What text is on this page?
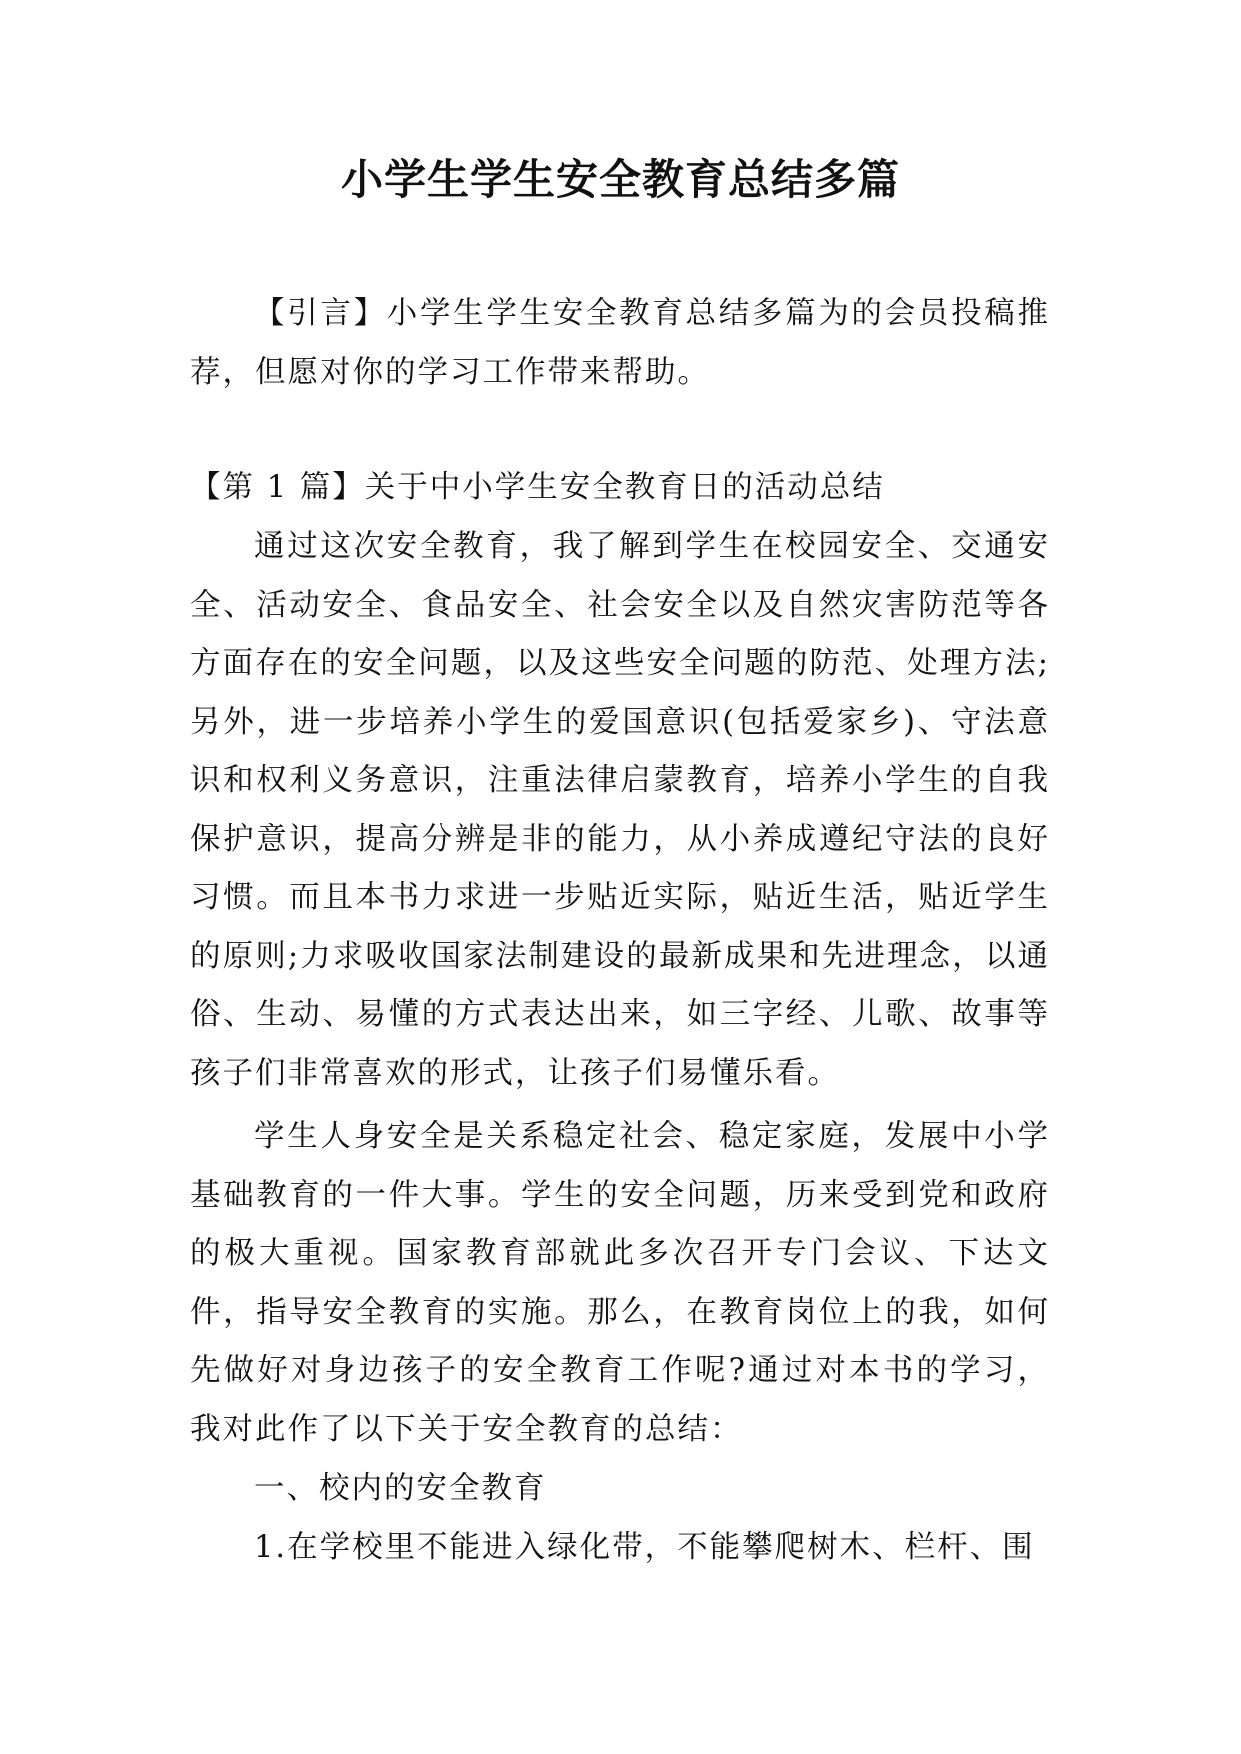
小学生学生安全教育总结多篇

【引言】小学生学生安全教育总结多篇为的会员投稿推荐，但愿对你的学习工作带来帮助。

【第 1 篇】关于中小学生安全教育日的活动总结

通过这次安全教育，我了解到学生在校园安全、交通安全、活动安全、食品安全、社会安全以及自然灾害防范等各方面存在的安全问题，以及这些安全问题的防范、处理方法;另外，进一步培养小学生的爱国意识(包括爱家乡)、守法意识和权利义务意识，注重法律启蒙教育，培养小学生的自我保护意识，提高分辨是非的能力，从小养成遵纪守法的良好习惯。而且本书力求进一步贴近实际，贴近生活，贴近学生的原则;力求吸收国家法制建设的最新成果和先进理念，以通俗、生动、易懂的方式表达出来，如三字经、儿歌、故事等孩子们非常喜欢的形式，让孩子们易懂乐看。

学生人身安全是关系稳定社会、稳定家庭，发展中小学基础教育的一件大事。学生的安全问题，历来受到党和政府的极大重视。国家教育部就此多次召开专门会议、下达文件，指导安全教育的实施。那么，在教育岗位上的我，如何先做好对身边孩子的安全教育工作呢?通过对本书的学习，我对此作了以下关于安全教育的总结：

一、校内的安全教育

1.在学校里不能进入绿化带，不能攀爬树木、栏杆、围
